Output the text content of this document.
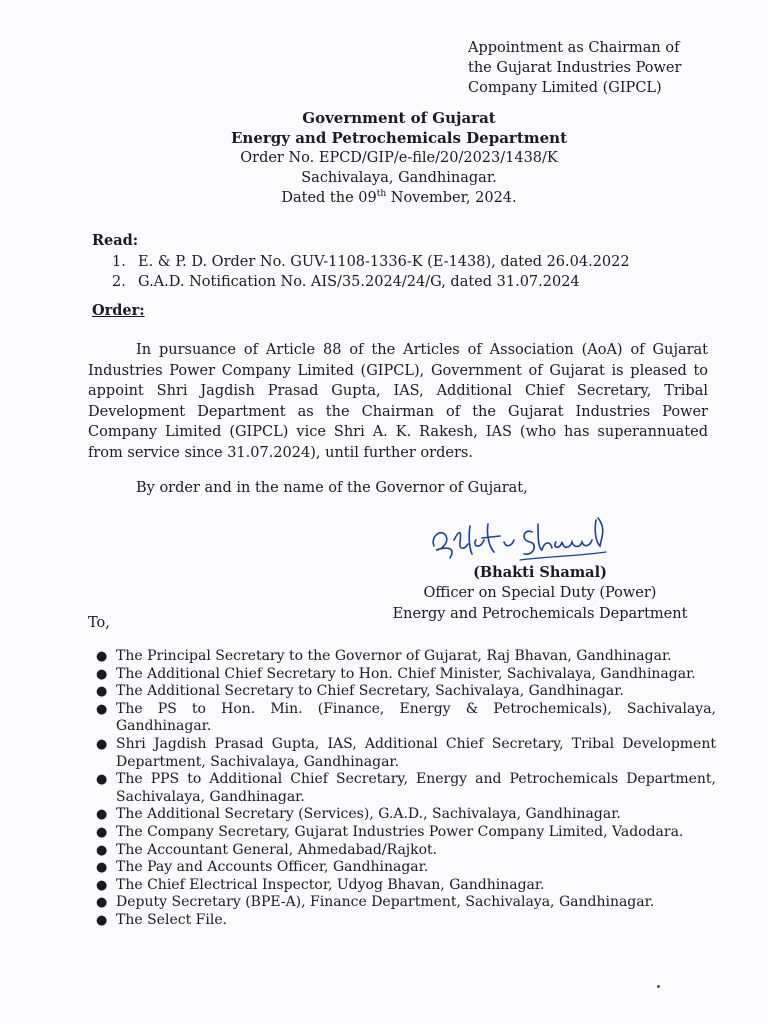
Appointment as Chairman of
the Gujarat Industries Power
Company Limited (GIPCL)
Government of Gujarat
Energy and Petrochemicals Department
Order No. EPCD/GIP/e-file/20/2023/1438/K
Sachivalaya, Gandhinagar.
Dated the 09th November, 2024.
Read:
1. E. & P. D. Order No. GUV-1108-1336-K (E-1438), dated 26.04.2022
2. G.A.D. Notification No. AIS/35.2024/24/G, dated 31.07.2024
Order:
In pursuance of Article 88 of the Articles of Association (AoA) of Gujarat Industries Power Company Limited (GIPCL), Government of Gujarat is pleased to appoint Shri Jagdish Prasad Gupta, IAS, Additional Chief Secretary, Tribal Development Department as the Chairman of the Gujarat Industries Power Company Limited (GIPCL) vice Shri A. K. Rakesh, IAS (who has superannuated from service since 31.07.2024), until further orders.
By order and in the name of the Governor of Gujarat,
(Bhakti Shamal)
Officer on Special Duty (Power)
Energy and Petrochemicals Department
To,
● The Principal Secretary to the Governor of Gujarat, Raj Bhavan, Gandhinagar.
● The Additional Chief Secretary to Hon. Chief Minister, Sachivalaya, Gandhinagar.
● The Additional Secretary to Chief Secretary, Sachivalaya, Gandhinagar.
● The PS to Hon. Min. (Finance, Energy & Petrochemicals), Sachivalaya, Gandhinagar.
● Shri Jagdish Prasad Gupta, IAS, Additional Chief Secretary, Tribal Development Department, Sachivalaya, Gandhinagar.
● The PPS to Additional Chief Secretary, Energy and Petrochemicals Department, Sachivalaya, Gandhinagar.
● The Additional Secretary (Services), G.A.D., Sachivalaya, Gandhinagar.
● The Company Secretary, Gujarat Industries Power Company Limited, Vadodara.
● The Accountant General, Ahmedabad/Rajkot.
● The Pay and Accounts Officer, Gandhinagar.
● The Chief Electrical Inspector, Udyog Bhavan, Gandhinagar.
● Deputy Secretary (BPE-A), Finance Department, Sachivalaya, Gandhinagar.
● The Select File.
